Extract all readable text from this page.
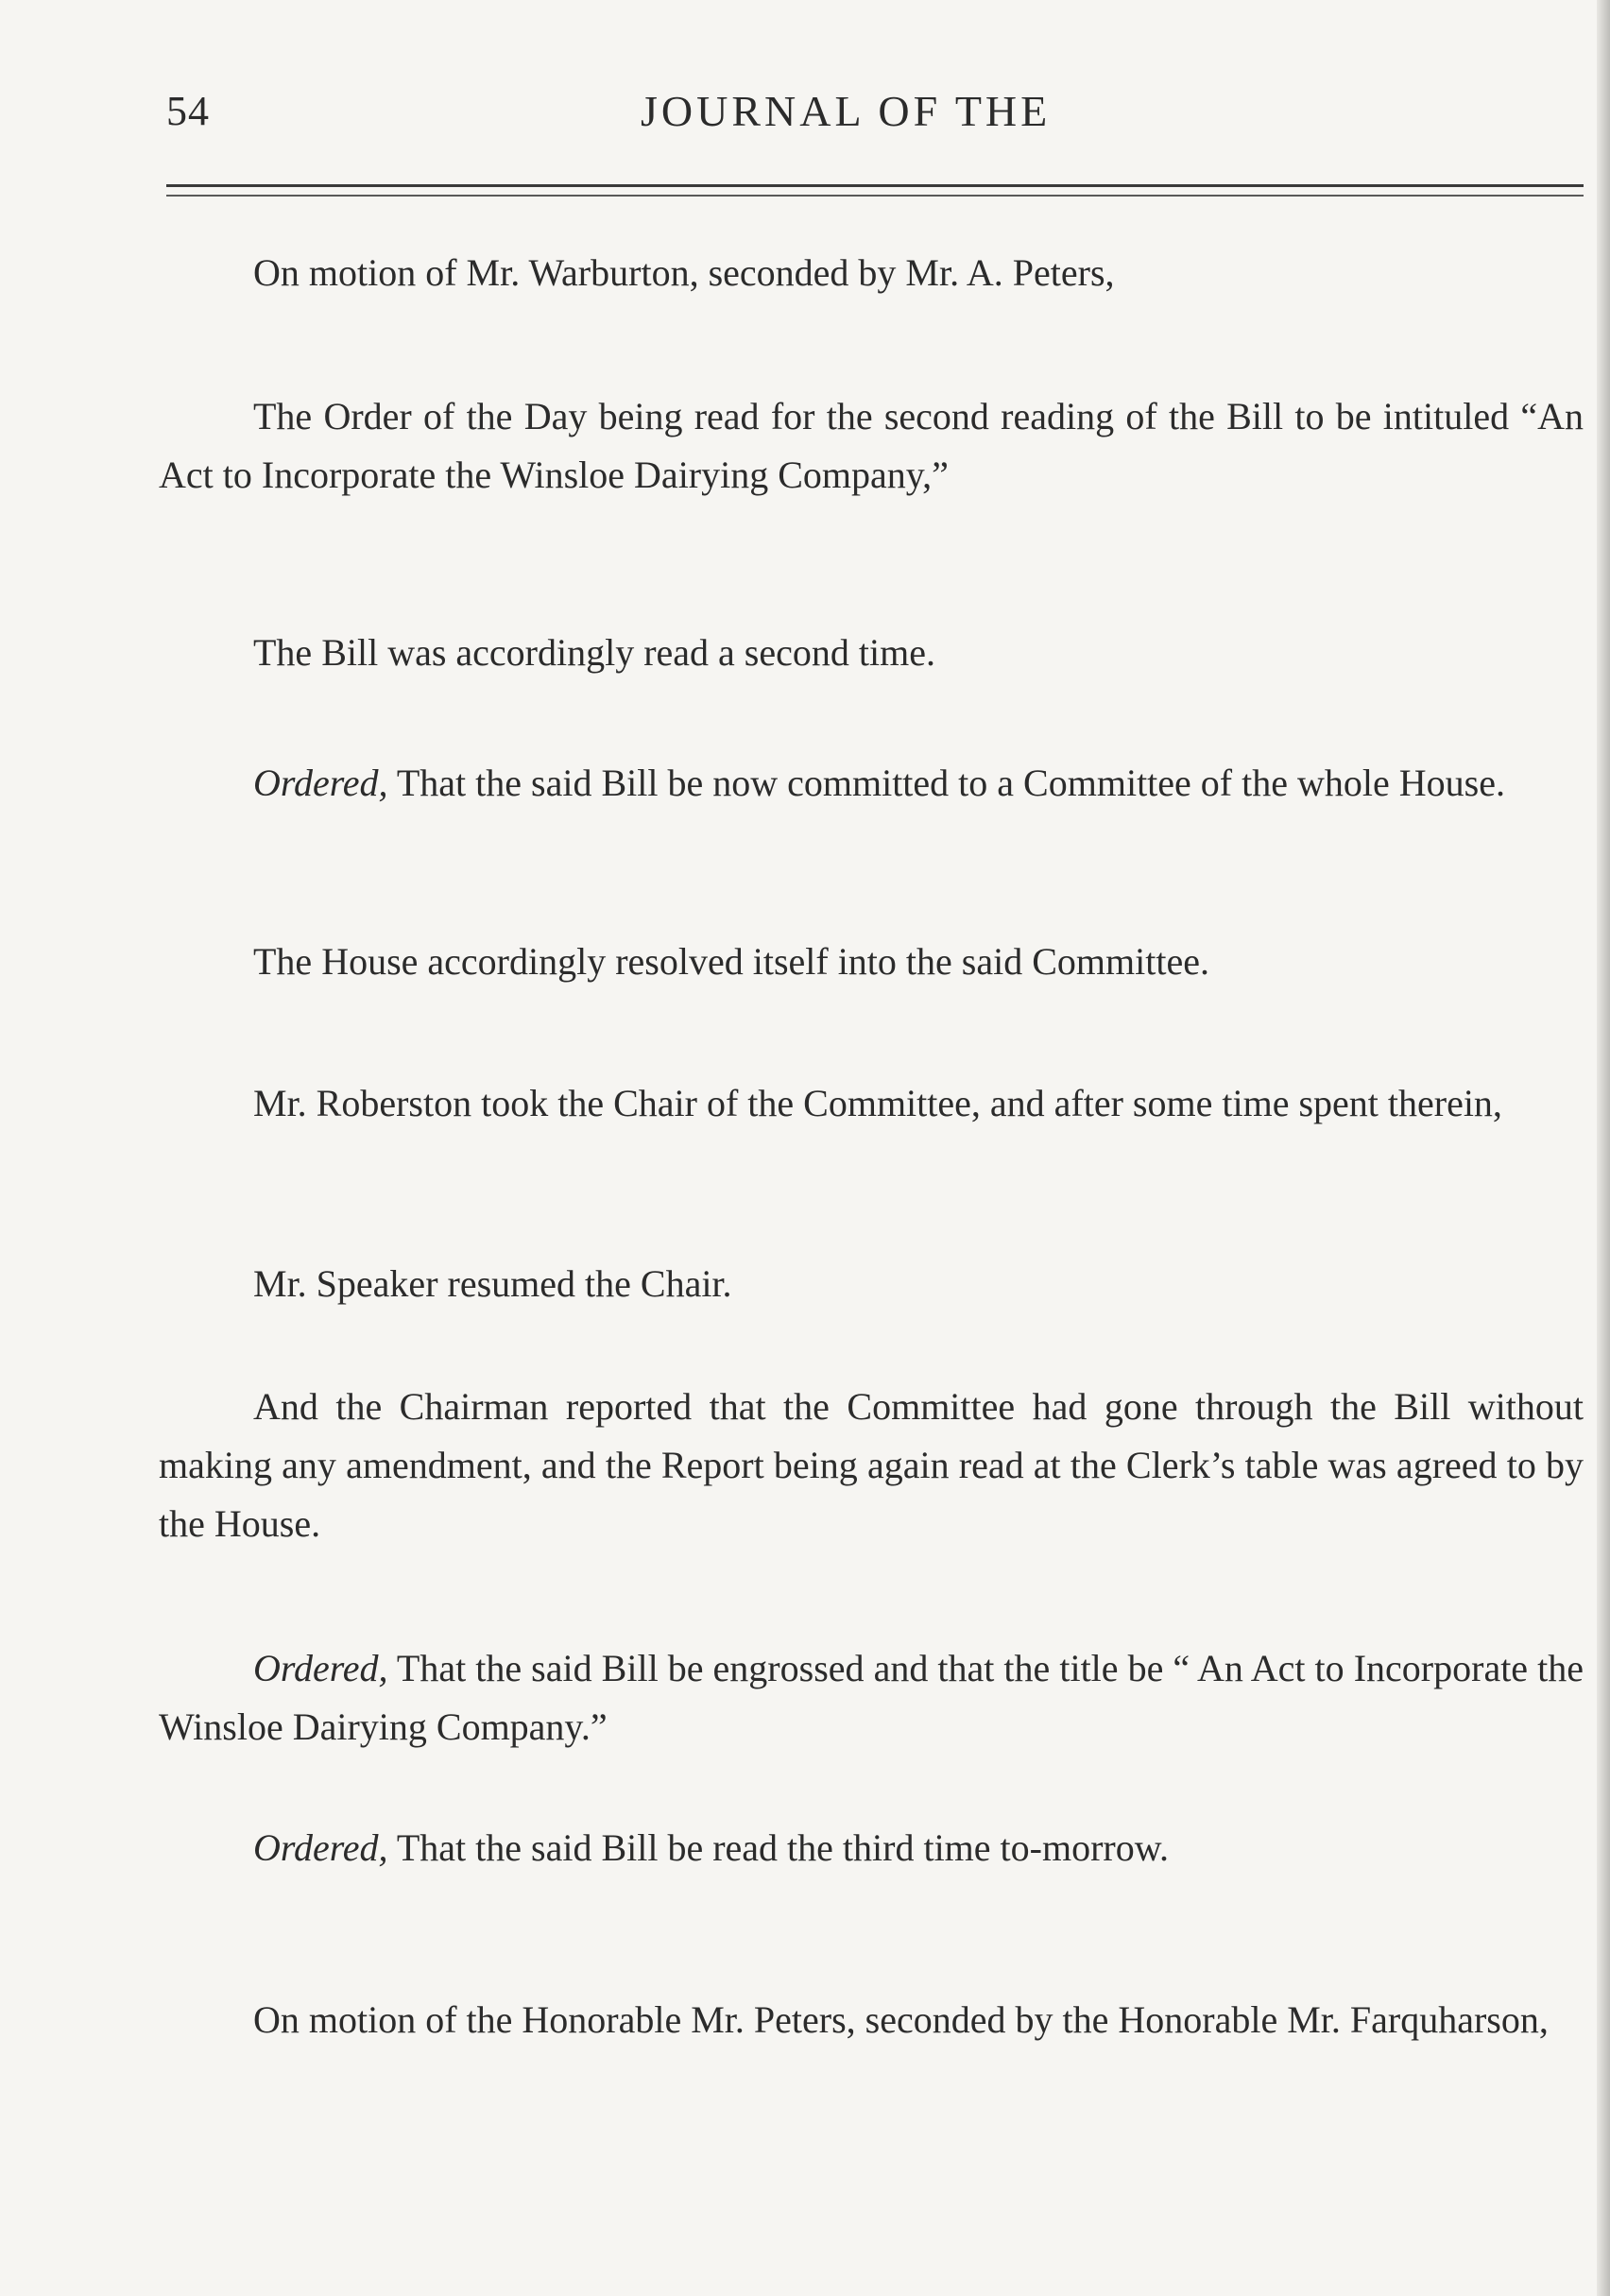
54	JOURNAL OF THE

On motion of Mr. Warburton, seconded by Mr. A. Peters,

The Order of the Day being read for the second reading of the Bill to be intituled “An Act to Incorporate the Winsloe Dairying Company,”

The Bill was accordingly read a second time.

Ordered, That the said Bill be now committed to a Committee of the whole House.

The House accordingly resolved itself into the said Committee.

Mr. Roberston took the Chair of the Committee, and after some time spent therein,

Mr. Speaker resumed the Chair.

And the Chairman reported that the Committee had gone through the Bill without making any amendment, and the Report being again read at the Clerk’s table was agreed to by the House.

Ordered, That the said Bill be engrossed and that the title be “ An Act to Incorporate the Winsloe Dairying Company.”

Ordered, That the said Bill be read the third time to-morrow.

On motion of the Honorable Mr. Peters, seconded by the Honorable Mr. Farquharson,
